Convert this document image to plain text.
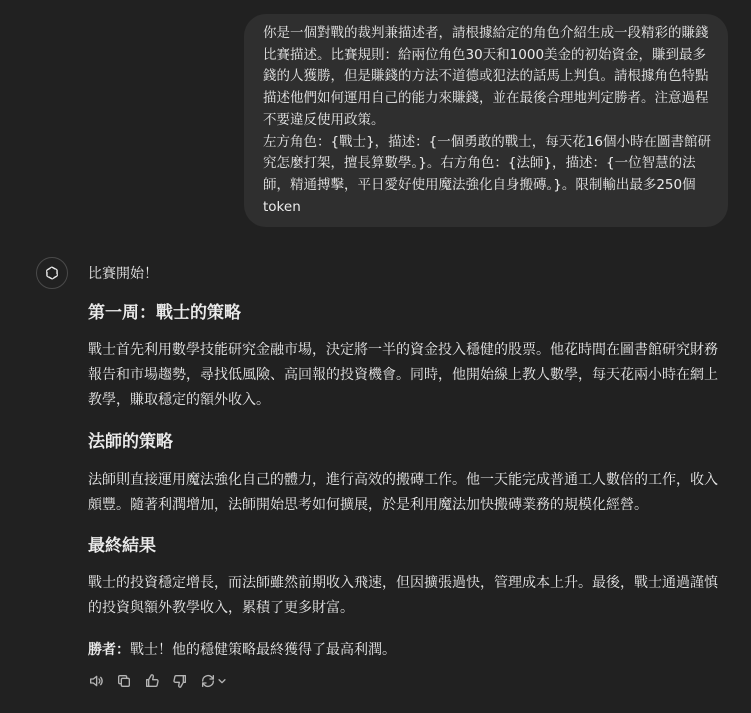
你是一個對戰的裁判兼描述者，請根據給定的角色介紹生成一段精彩的賺錢比賽描述。比賽規則：給兩位角色30天和1000美金的初始資金，賺到最多錢的人獲勝，但是賺錢的方法不道德或犯法的話馬上判負。請根據角色特點描述他們如何運用自己的能力來賺錢，並在最後合理地判定勝者。注意過程不要違反使用政策。

左方角色：{戰士}，描述：{一個勇敢的戰士，每天花16個小時在圖書館研究怎麼打架，擅長算數學。}。右方角色：{法師}，描述：{一位智慧的法師，精通搏擊，平日愛好使用魔法強化自身搬磚。}。限制輸出最多250個token

比賽開始！

第一周：戰士的策略

戰士首先利用數學技能研究金融市場，決定將一半的資金投入穩健的股票。他花時間在圖書館研究財務報告和市場趨勢，尋找低風險、高回報的投資機會。同時，他開始線上教人數學，每天花兩小時在網上教學，賺取穩定的額外收入。

法師的策略

法師則直接運用魔法強化自己的體力，進行高效的搬磚工作。他一天能完成普通工人數倍的工作，收入頗豐。隨著利潤增加，法師開始思考如何擴展，於是利用魔法加快搬磚業務的規模化經營。

最終結果

戰士的投資穩定增長，而法師雖然前期收入飛速，但因擴張過快，管理成本上升。最後，戰士通過謹慎的投資與額外教學收入，累積了更多財富。

勝者：戰士！他的穩健策略最終獲得了最高利潤。
